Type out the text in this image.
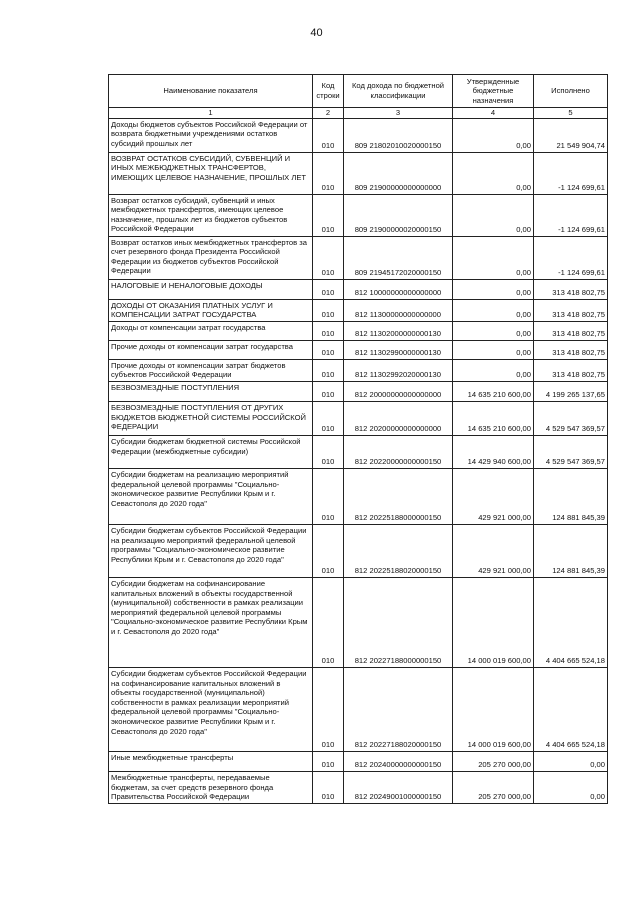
40
Наименование показателя	Код строки	Код дохода по бюджетной классификации	Утвержденные бюджетные назначения	Исполнено
1	2	3	4	5
Доходы бюджетов субъектов Российской Федерации от возврата бюджетными учреждениями остатков субсидий прошлых лет	010	809 21802010020000150	0,00	21 549 904,74
ВОЗВРАТ ОСТАТКОВ СУБСИДИЙ, СУБВЕНЦИЙ И ИНЫХ МЕЖБЮДЖЕТНЫХ ТРАНСФЕРТОВ, ИМЕЮЩИХ ЦЕЛЕВОЕ НАЗНАЧЕНИЕ, ПРОШЛЫХ ЛЕТ	010	809 21900000000000000	0,00	-1 124 699,61
Возврат остатков субсидий, субвенций и иных межбюджетных трансфертов, имеющих целевое назначение, прошлых лет из бюджетов субъектов Российской Федерации	010	809 21900000020000150	0,00	-1 124 699,61
Возврат остатков иных межбюджетных трансфертов за счет резервного фонда Президента Российской Федерации из бюджетов субъектов Российской Федерации	010	809 21945172020000150	0,00	-1 124 699,61
НАЛОГОВЫЕ И НЕНАЛОГОВЫЕ ДОХОДЫ	010	812 10000000000000000	0,00	313 418 802,75
ДОХОДЫ ОТ ОКАЗАНИЯ ПЛАТНЫХ УСЛУГ И КОМПЕНСАЦИИ ЗАТРАТ ГОСУДАРСТВА	010	812 11300000000000000	0,00	313 418 802,75
Доходы от компенсации затрат государства	010	812 11302000000000130	0,00	313 418 802,75
Прочие доходы от компенсации затрат государства	010	812 11302990000000130	0,00	313 418 802,75
Прочие доходы от компенсации затрат бюджетов субъектов Российской Федерации	010	812 11302992020000130	0,00	313 418 802,75
БЕЗВОЗМЕЗДНЫЕ ПОСТУПЛЕНИЯ	010	812 20000000000000000	14 635 210 600,00	4 199 265 137,65
БЕЗВОЗМЕЗДНЫЕ ПОСТУПЛЕНИЯ ОТ ДРУГИХ БЮДЖЕТОВ БЮДЖЕТНОЙ СИСТЕМЫ РОССИЙСКОЙ ФЕДЕРАЦИИ	010	812 20200000000000000	14 635 210 600,00	4 529 547 369,57
Субсидии бюджетам бюджетной системы Российской Федерации (межбюджетные субсидии)	010	812 20220000000000150	14 429 940 600,00	4 529 547 369,57
Субсидии бюджетам на реализацию мероприятий федеральной целевой программы "Социально-экономическое развитие Республики Крым и г. Севастополя до 2020 года"	010	812 20225188000000150	429 921 000,00	124 881 845,39
Субсидии бюджетам субъектов Российской Федерации на реализацию мероприятий федеральной целевой программы "Социально-экономическое развитие Республики Крым и г. Севастополя до 2020 года"	010	812 20225188020000150	429 921 000,00	124 881 845,39
Субсидии бюджетам на софинансирование капитальных вложений в объекты государственной (муниципальной) собственности в рамках реализации мероприятий федеральной целевой программы "Социально-экономическое развитие Республики Крым и г. Севастополя до 2020 года"	010	812 20227188000000150	14 000 019 600,00	4 404 665 524,18
Субсидии бюджетам субъектов Российской Федерации на софинансирование капитальных вложений в объекты государственной (муниципальной) собственности в рамках реализации мероприятий федеральной целевой программы "Социально-экономическое развитие Республики Крым и г. Севастополя до 2020 года"	010	812 20227188020000150	14 000 019 600,00	4 404 665 524,18
Иные межбюджетные трансферты	010	812 20240000000000150	205 270 000,00	0,00
Межбюджетные трансферты, передаваемые бюджетам, за счет средств резервного фонда Правительства Российской Федерации	010	812 20249001000000150	205 270 000,00	0,00
